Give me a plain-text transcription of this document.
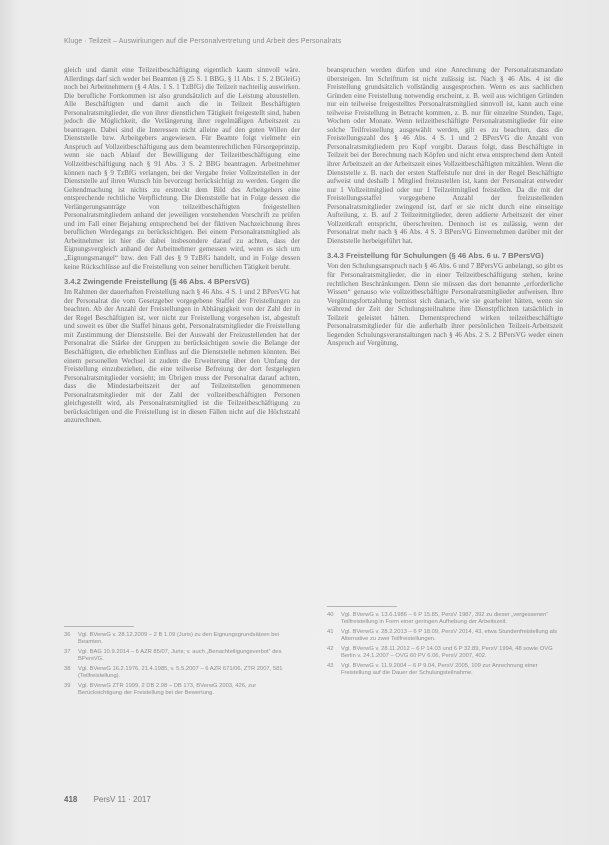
Kluge · Teilzeit – Auswirkungen auf die Personalvertretung und Arbeit des Personalrats

gleich und damit eine Teilzeitbeschäftigung eigentlich kaum sinnvoll wäre. Allerdings darf sich weder bei Beamten (§ 25 S. 1 BBG, § 11 Abs. 1 S. 2 BGleiG) noch bei Arbeitnehmern (§ 4 Abs. 1 S. 1 TzBfG) die Teilzeit nachteilig auswirken. Die berufliche Fortkommen ist also grundsätzlich auf die Leistung abzustellen. Alle Beschäftigten und damit auch die in Teilzeit Beschäftigten Personalratsmitglieder, die von ihrer dienstlichen Tätigkeit freigestellt sind, haben jedoch die Möglichkeit, die Verlängerung ihrer regelmäßigen Arbeitszeit zu beantragen. Dabei sind die Interessen nicht alleine auf den guten Willen der Dienststelle bzw. Arbeitgebers angewiesen. Für Beamte folgt vielmehr ein Anspruch auf Vollzeitbeschäftigung aus dem beamtenrechtlichen Fürsorgeprinzip, wenn sie nach Ablauf der Bewilligung der Teilzeitbeschäftigung eine Vollzeitbeschäftigung nach § 91 Abs. 3 S. 2 BBG beantragen. Arbeitnehmer können nach § 9 TzBfG verlangen, bei der Vergabe freier Vollzeitstellen in der Dienststelle auf ihren Wunsch hin bevorzugt berücksichtigt zu werden. Gegen die Geltendmachung ist nichts zu erstreckt dem Bild des Arbeitgebers eine entsprechende rechtliche Verpflichtung. Die Dienststelle hat in Folge dessen die Verlängerungsanträge von teilzeitbeschäftigten freigestellten Personalratsmitgliedern anhand der jeweiligen vorstehenden Vorschrift zu prüfen und im Fall einer Bejahung entsprechend bei der fiktiven Nachzeichnung ihres beruflichen Werdegangs zu berücksichtigen. Bei einem Personalratsmitglied als Arbeitnehmer ist hier die dabei insbesondere darauf zu achten, dass der Eignungsvergleich anhand der Arbeitnehmer gemessen wird, wenn es sich um „Eignungsmangel“ bzw. den Fall des § 9 TzBfG handelt, und in Folge dessen keine Rückschlüsse auf die Freistellung von seiner beruflichen Tätigkeit beruht.

3.4.2 Zwingende Freistellung (§ 46 Abs. 4 BPersVG)

Im Rahmen der dauerhaften Freistellung nach § 46 Abs. 4 S. 1 und 2 BPersVG hat der Personalrat die vom Gesetzgeber vorgegebene Staffel der Freistellungen zu beachten. Ab der Anzahl der Freistellungen in Abhängigkeit von der Zahl der in der Regel Beschäftigten ist, wer nicht zur Freistellung vorgesehen ist, abgestuft und soweit es über die Staffel hinaus geht, Personalratsmitglieder die Freistellung mit Zustimmung der Dienststelle. Bei der Auswahl der Freizustellenden hat der Personalrat die Stärke der Gruppen zu berücksichtigen sowie die Belange der Beschäftigten, die erheblichen Einfluss auf die Dienststelle nehmen könnten. Bei einem personellen Wechsel ist zudem die Erweiterung über den Umfang der Freistellung einzubeziehen, die eine teilweise Befreiung der dort festgelegten Personalratsmitglieder vorsieht; im Übrigen muss der Personalrat darauf achten, dass die Mindestarbeitszeit der auf Teilzeitstellen genommenen Personalratsmitglieder mit der Zahl der vollzeitbeschäftigten Personen gleichgestellt wird, als Personalratsmitglied ist die Teilzeitbeschäftigung zu berücksichtigen und die Freistellung ist in diesen Fällen nicht auf die Höchstzahl anzurechnen.

beanspruchen werden dürfen und eine Anrechnung der Personalratsmandate übersteigen. Im Schrifttum ist nicht zulässig ist. Nach § 46 Abs. 4 ist die Freistellung grundsätzlich vollständig ausgesprochen. Wenn es aus sachlichen Gründen eine Freistellung notwendig erscheint, z. B. weil aus wichtigen Gründen nur ein teilweise freigestelltes Personalratsmitglied sinnvoll ist, kann auch eine teilweise Freistellung in Betracht kommen, z. B. nur für einzelne Stunden, Tage, Wochen oder Monate. Wenn teilzeitbeschäftigte Personalratsmitglieder für eine solche Teilfreistellung ausgewählt werden, gilt es zu beachten, dass die Freistellungszahl des § 46 Abs. 4 S. 1 und 2 BPersVG die Anzahl von Personalratsmitgliedern pro Kopf vorgibt. Daraus folgt, dass Beschäftigte in Teilzeit bei der Berechnung nach Köpfen und nicht etwa entsprechend dem Anteil ihrer Arbeitszeit an der Arbeitszeit eines Vollzeitbeschäftigten mitzählen. Wenn die Dienststelle z. B. nach der ersten Staffelstufe nur drei in der Regel Beschäftigte aufweist und deshalb 1 Mitglied freizustellen ist, kann der Personalrat entweder nur 1 Vollzeitmitglied oder nur 1 Teilzeitmitglied freistellen. Da die mit der Freistellungsstaffel vorgegebene Anzahl der freizustellenden Personalratsmitglieder zwingend ist, darf er sie nicht durch eine einseitige Aufteilung, z. B. auf 2 Teilzeitmitglieder, deren addierte Arbeitszeit der einer Vollzeitkraft entspricht, überschreiten. Dennoch ist es zulässig, wenn der Personalrat mehr nach § 46 Abs. 4 S. 3 BPersVG Einvernehmen darüber mit der Dienststelle herbeigeführt hat.

3.4.3 Freistellung für Schulungen (§ 46 Abs. 6 u. 7 BPersVG)

Von den Schulungsanspruch nach § 46 Abs. 6 und 7 BPersVG anbelangt, so gibt es für Personalratsmitglieder, die in einer Teilzeitbeschäftigung stehen, keine rechtlichen Beschränkungen. Denn sie müssen das dort benannte „erforderliche Wissen“ genauso wie vollzeitbeschäftigte Personalratsmitglieder aufweisen. Ihre Vergütungsfortzahlung bemisst sich danach, wie sie gearbeitet hätten, wenn sie während der Zeit der Schulungsteilnahme ihre Dienstpflichten tatsächlich in Teilzeit geleistet hätten. Dementsprechend wirken teilzeitbeschäftigte Personalratsmitglieder für die außerhalb ihrer persönlichen Teilzeit-Arbeitszeit liegenden Schulungsveranstaltungen nach § 46 Abs. 2 S. 2 BPersVG weder einen Anspruch auf Vergütung,

36	Vgl. BVerwG v. 28.12.2009 – 2 B 1.09 (Juris) zu den Eignungsgrundsätzen bei Beamten.
37	Vgl. BAG 10.9.2014 – 6 AZR 85/07, Juris; v. auch „Benachteiligungsverbot“ des BPersVG.
38	Vgl. BVerwG 16.2.1976, 21.4.1985, v. 5.5.2007 – 6 AZR 671/06, ZTR 2007, 581 (Teilfreistellung).
39	Vgl. BVerwG ZTR 1999, 2 DB 2.98 – DB 173, BVerwG 2003, 426, zur Berücksichtigung der Freistellung bei der Bewertung.
40	Vgl. BVerwG v. 13.6.1986 – 6 P 15.85, PersV 1987, 392 zu dieser „vergessenen“ Teilfreistellung in Form einer geringen Aufhebung der Arbeitszeit.
41	Vgl. BVerwG v. 28.2.2013 – 6 P 18.09, PersV 2014, 43, etwa Stundenfreistellung als Alternative zu zwei Teilfreistellungen.
42	Vgl. BVerwG v. 28.11.2012 – 6 P 14.03 und 6 P 32.89, PersV 1994, 48 sowie OVG Berlin v. 24.1.2007 – OVG 60 PV 6.06, PersV 2007, 402.
43	Vgl. BVerwG v. 11.9.2004 – 6 P 9.04, PersV 2005, 109 zur Anrechnung einer Freistellung auf die Dauer der Schulungsteilnahme.
418 PersV 11 · 2017
